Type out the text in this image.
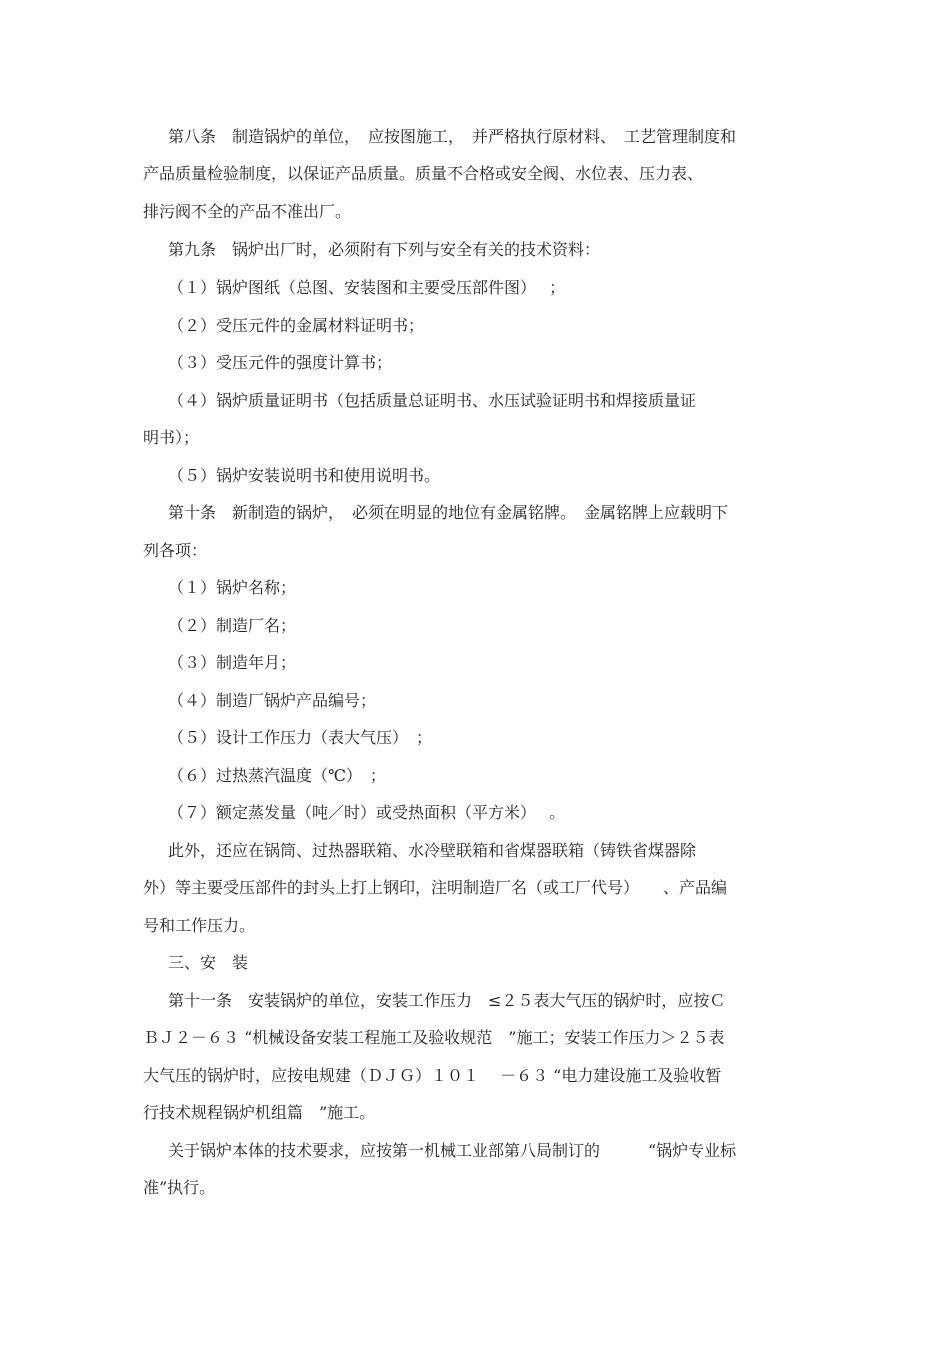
第八条　制造锅炉的单位，　应按图施工，　并严格执行原材料、　工艺管理制度和
产品质量检验制度，以保证产品质量。质量不合格或安全阀、水位表、压力表、
排污阀不全的产品不准出厂。
第九条　锅炉出厂时，必须附有下列与安全有关的技术资料：
（１）锅炉图纸（总图、安装图和主要受压部件图）　 ；
（２）受压元件的金属材料证明书；
（３）受压元件的强度计算书；
（４）锅炉质量证明书（包括质量总证明书、水压试验证明书和焊接质量证
明书）；
（５）锅炉安装说明书和使用说明书。
第十条　新制造的锅炉，　必须在明显的地位有金属铭牌。　金属铭牌上应载明下
列各项：
（１）锅炉名称；
（２）制造厂名；
（３）制造年月；
（４）制造厂锅炉产品编号；
（５）设计工作压力（表大气压）　；
（６）过热蒸汽温度（℃）　；
（７）额定蒸发量（吨／时）或受热面积（平方米）　 。
此外，还应在锅筒、过热器联箱、水冷壁联箱和省煤器联箱（铸铁省煤器除
外）等主要受压部件的封头上打上钢印，注明制造厂名（或工厂代号）　　、产品编
号和工作压力。
三、安　装
第十一条　安装锅炉的单位，安装工作压力　≤２５表大气压的锅炉时，应按Ｃ
ＢＪ２－６３ “机械设备安装工程施工及验收规范　”施工；安装工作压力＞２５表
大气压的锅炉时，应按电规建（ＤＪＧ）１０１　 －６３ “电力建设施工及验收暂
行技术规程锅炉机组篇　”施工。
关于锅炉本体的技术要求，应按第一机械工业部第八局制订的　　　“锅炉专业标
准”执行。
